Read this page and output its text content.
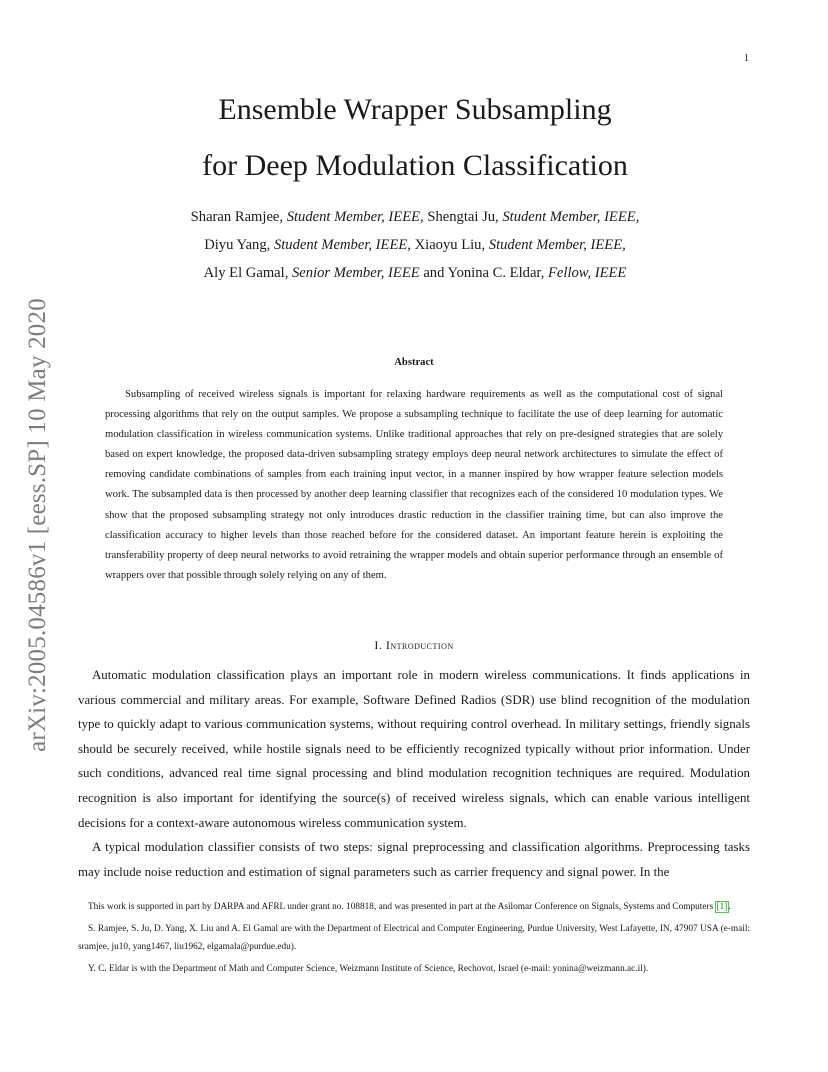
1
arXiv:2005.04586v1 [eess.SP] 10 May 2020
Ensemble Wrapper Subsampling
for Deep Modulation Classification
Sharan Ramjee, Student Member, IEEE, Shengtai Ju, Student Member, IEEE,
Diyu Yang, Student Member, IEEE, Xiaoyu Liu, Student Member, IEEE,
Aly El Gamal, Senior Member, IEEE and Yonina C. Eldar, Fellow, IEEE
Abstract

Subsampling of received wireless signals is important for relaxing hardware requirements as well as the computational cost of signal processing algorithms that rely on the output samples. We propose a subsampling technique to facilitate the use of deep learning for automatic modulation classification in wireless communication systems. Unlike traditional approaches that rely on pre-designed strategies that are solely based on expert knowledge, the proposed data-driven subsampling strategy employs deep neural network architectures to simulate the effect of removing candidate combinations of samples from each training input vector, in a manner inspired by how wrapper feature selection models work. The subsampled data is then processed by another deep learning classifier that recognizes each of the considered 10 modulation types. We show that the proposed subsampling strategy not only introduces drastic reduction in the classifier training time, but can also improve the classification accuracy to higher levels than those reached before for the considered dataset. An important feature herein is exploiting the transferability property of deep neural networks to avoid retraining the wrapper models and obtain superior performance through an ensemble of wrappers over that possible through solely relying on any of them.

I. Introduction

Automatic modulation classification plays an important role in modern wireless communications. It finds applications in various commercial and military areas. For example, Software Defined Radios (SDR) use blind recognition of the modulation type to quickly adapt to various communication systems, without requiring control overhead. In military settings, friendly signals should be securely received, while hostile signals need to be efficiently recognized typically without prior information. Under such conditions, advanced real time signal processing and blind modulation recognition techniques are required. Modulation recognition is also important for identifying the source(s) of received wireless signals, which can enable various intelligent decisions for a context-aware autonomous wireless communication system.

A typical modulation classifier consists of two steps: signal preprocessing and classification algorithms. Preprocessing tasks may include noise reduction and estimation of signal parameters such as carrier frequency and signal power. In the

This work is supported in part by DARPA and AFRL under grant no. 108818, and was presented in part at the Asilomar Conference on Signals, Systems and Computers [1].

S. Ramjee, S. Ju, D. Yang, X. Liu and A. El Gamal are with the Department of Electrical and Computer Engineering, Purdue University, West Lafayette, IN, 47907 USA (e-mail: sramjee, ju10, yang1467, liu1962, elgamala@purdue.edu).

Y. C. Eldar is with the Department of Math and Computer Science, Weizmann Institute of Science, Rechovot, Israel (e-mail: yonina@weizmann.ac.il).
